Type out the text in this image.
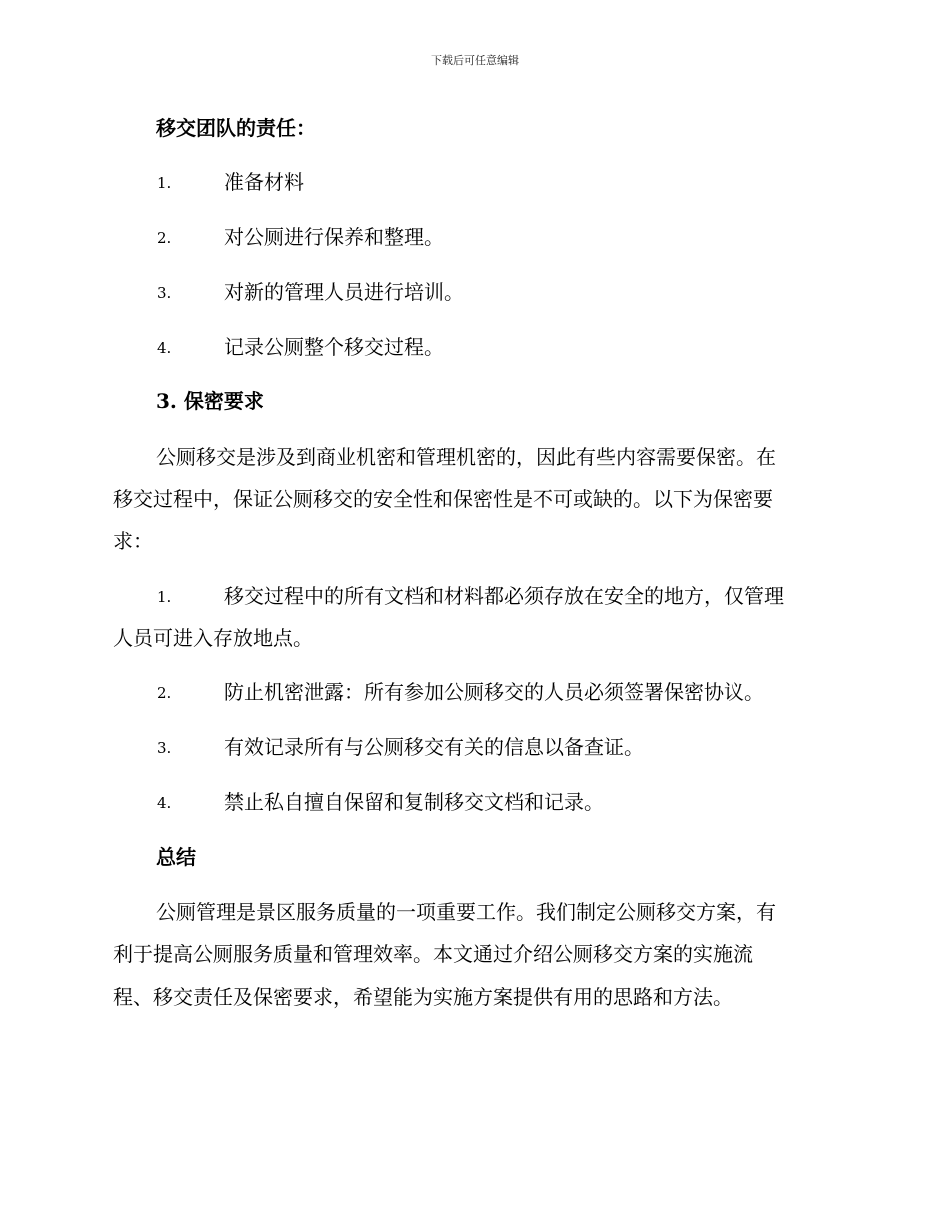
下载后可任意编辑
移交团队的责任：
1.	准备材料
2.	对公厕进行保养和整理。
3.	对新的管理人员进行培训。
4.	记录公厕整个移交过程。
3. 保密要求
公厕移交是涉及到商业机密和管理机密的，因此有些内容需要保密。在
移交过程中，保证公厕移交的安全性和保密性是不可或缺的。以下为保密要
求：
1.	移交过程中的所有文档和材料都必须存放在安全的地方，仅管理
人员可进入存放地点。
2.	防止机密泄露：所有参加公厕移交的人员必须签署保密协议。
3.	有效记录所有与公厕移交有关的信息以备查证。
4.	禁止私自擅自保留和复制移交文档和记录。
总结
公厕管理是景区服务质量的一项重要工作。我们制定公厕移交方案，有
利于提高公厕服务质量和管理效率。本文通过介绍公厕移交方案的实施流
程、移交责任及保密要求，希望能为实施方案提供有用的思路和方法。
